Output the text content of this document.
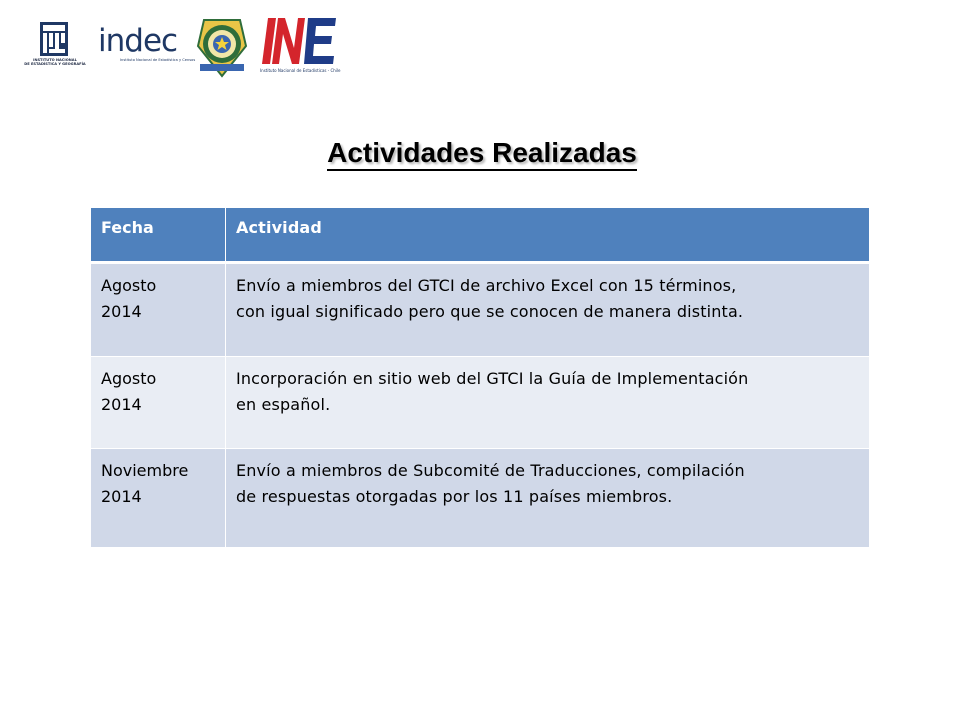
INSTITUTO NACIONAL
DE ESTADÍSTICA Y GEOGRAFÍA
indec
Instituto Nacional de Estadística y Censos
Instituto Nacional de Estadísticas - Chile
Actividades Realizadas
Fecha	Actividad
Agosto
2014
Envío a miembros del GTCI de archivo Excel con 15 términos,
con igual significado pero que se conocen de manera distinta.
Agosto
2014
Incorporación en sitio web del GTCI la Guía de Implementación
en español.
Noviembre
2014
Envío a miembros de Subcomité de Traducciones, compilación
de respuestas otorgadas por los 11 países miembros.
